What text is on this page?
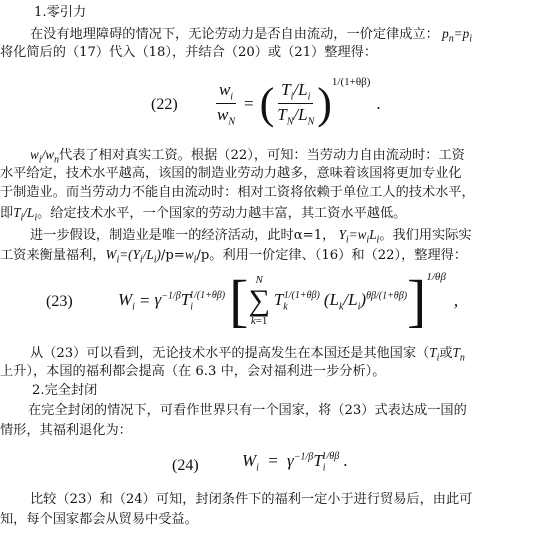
1.零引力
在没有地理障碍的情况下，无论劳动力是否自由流动，一价定律成立： $p_n=p_i$
将化简后的（17）代入（18），并结合（20）或（21）整理得：
$(22) \frac{w_i}{w_N}$ = ( $\frac{T_i/L_i}{T_N/L_N}$ ) 1/(1+θβ)
.
$w_i/w_n$代表了相对真实工资。根据（22），可知：当劳动力自由流动时：工资
水平给定，技术水平越高，该国的制造业劳动力越多，意味着该国将更加专业化
于制造业。而当劳动力不能自由流动时：相对工资将依赖于单位工人的技术水平，
即$T_i/L_i$。给定技术水平，一个国家的劳动力越丰富，其工资水平越低。
进一步假设，制造业是唯一的经济活动，此时α=1， $Y_i=w_iL_i$。我们用实际实
工资来衡量福利，$W_i=(Y_i/L_i)/p=w_i/p$。利用一价定律、（16）和（22），整理得：
(23)	$W_i = \gamma^{-1/\beta}T_i^{1/(1+\theta\beta)}$ [ N
∑
k=1
$T_k^{1/(1+\theta\beta)}$ $(L_k/L_i)^{\theta\beta/(1+\theta\beta)}$ ] 1/θβ
,
从（23）可以看到，无论技术水平的提高发生在本国还是其他国家（$T_i$或$T_n$
上升），本国的福利都会提高（在 6.3 中，会对福利进一步分析）。
2.完全封闭
在完全封闭的情况下，可看作世界只有一个国家，将（23）式表达成一国的
情形，其福利退化为：
(24)	$W_i = \gamma^{-1/\beta}T_i^{1/\theta\beta}$ .
比较（23）和（24）可知，封闭条件下的福利一定小于进行贸易后，由此可
知，每个国家都会从贸易中受益。
